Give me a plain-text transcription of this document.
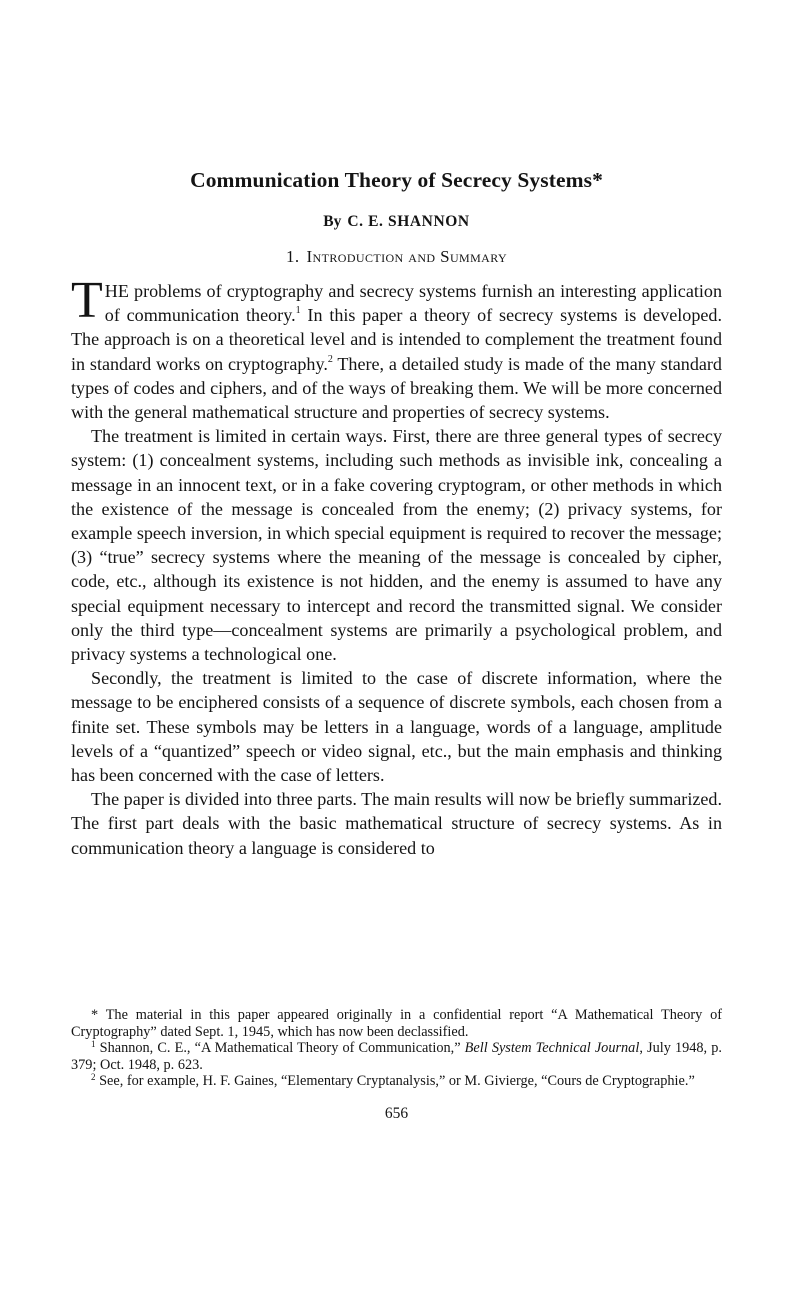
Communication Theory of Secrecy Systems*
By C. E. SHANNON
1. Introduction and Summary

THE problems of cryptography and secrecy systems furnish an interesting application of communication theory.$^1$ In this paper a theory of secrecy systems is developed. The approach is on a theoretical level and is intended to complement the treatment found in standard works on cryptography.$^2$ There, a detailed study is made of the many standard types of codes and ciphers, and of the ways of breaking them. We will be more concerned with the general mathematical structure and properties of secrecy systems.

The treatment is limited in certain ways. First, there are three general types of secrecy system: (1) concealment systems, including such methods as invisible ink, concealing a message in an innocent text, or in a fake covering cryptogram, or other methods in which the existence of the message is concealed from the enemy; (2) privacy systems, for example speech inversion, in which special equipment is required to recover the message; (3) “true” secrecy systems where the meaning of the message is concealed by cipher, code, etc., although its existence is not hidden, and the enemy is assumed to have any special equipment necessary to intercept and record the transmitted signal. We consider only the third type—concealment systems are primarily a psychological problem, and privacy systems a technological one.

Secondly, the treatment is limited to the case of discrete information, where the message to be enciphered consists of a sequence of discrete symbols, each chosen from a finite set. These symbols may be letters in a language, words of a language, amplitude levels of a “quantized” speech or video signal, etc., but the main emphasis and thinking has been concerned with the case of letters.

The paper is divided into three parts. The main results will now be briefly summarized. The first part deals with the basic mathematical structure of secrecy systems. As in communication theory a language is considered to

* The material in this paper appeared originally in a confidential report “A Mathematical Theory of Cryptography” dated Sept. 1, 1945, which has now been declassified.

$^1$ Shannon, C. E., “A Mathematical Theory of Communication,” Bell System Technical Journal, July 1948, p. 379; Oct. 1948, p. 623.

$^2$ See, for example, H. F. Gaines, “Elementary Cryptanalysis,” or M. Givierge, “Cours de Cryptographie.”

656
